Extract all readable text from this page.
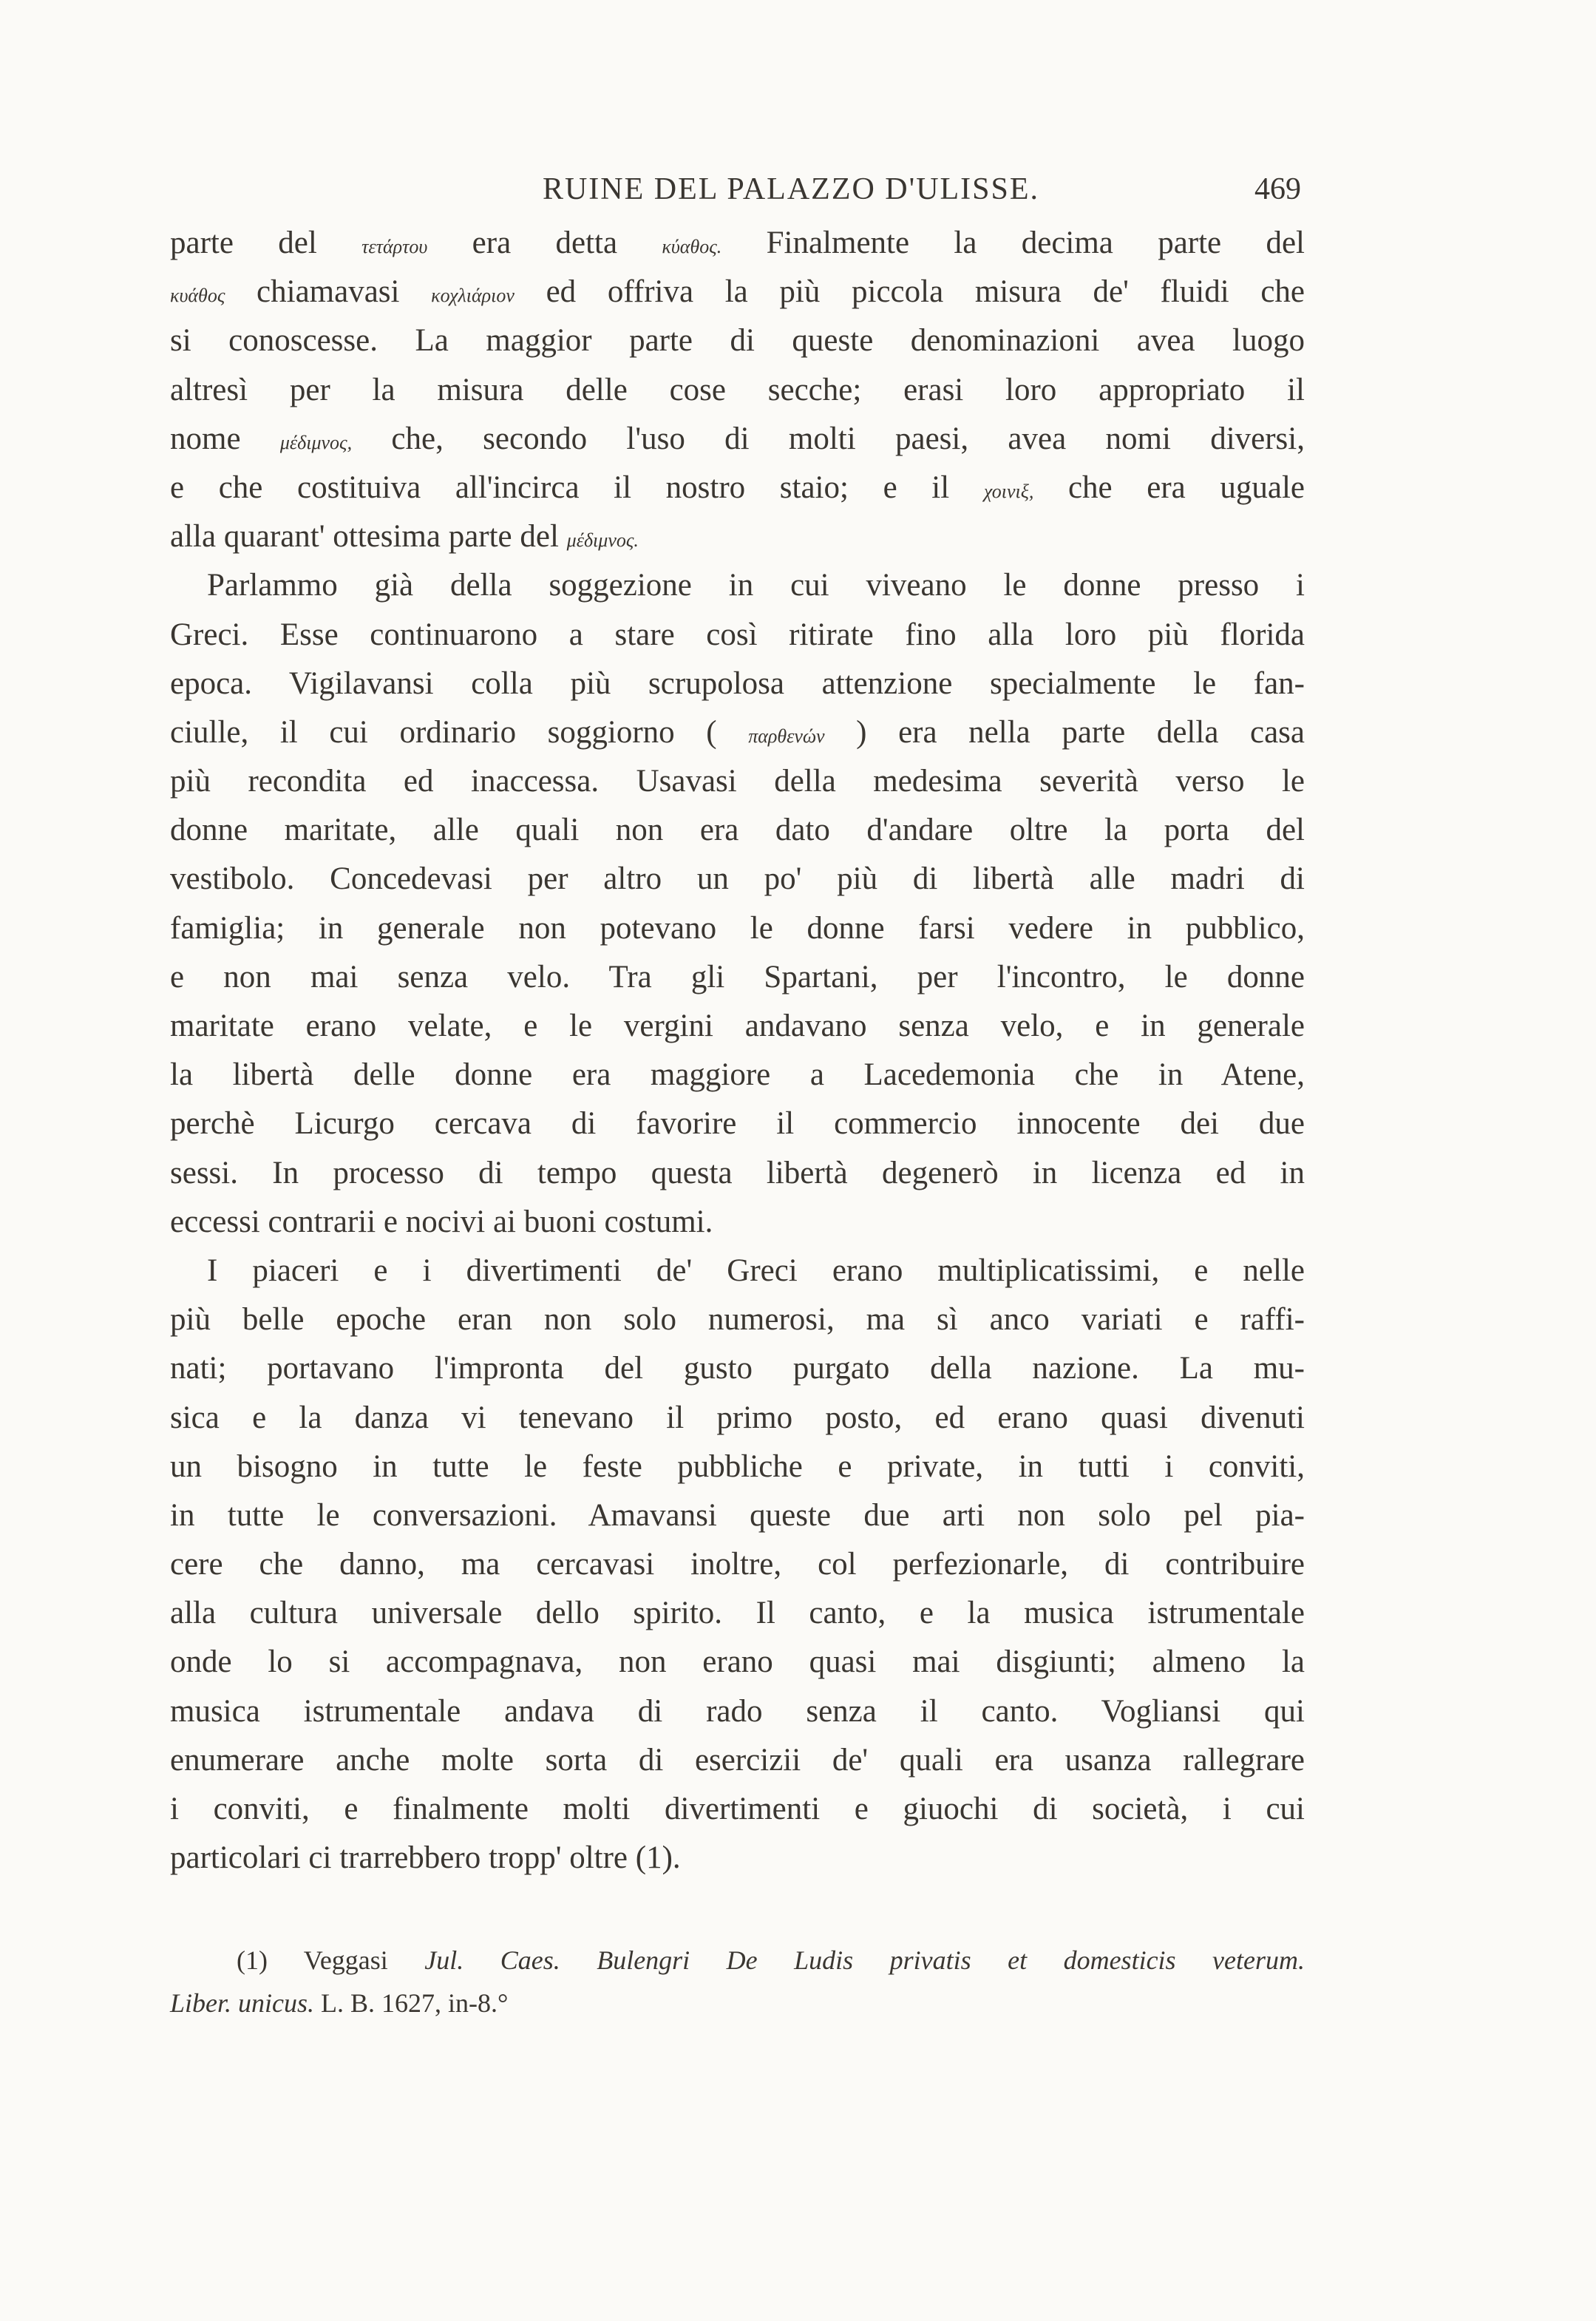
RUINE DEL PALAZZO D'ULISSE.	469
parte del τετάρτου era detta κύαθος. Finalmente la decima parte del
κυάθος chiamavasi κοχλιάριον ed offriva la più piccola misura de' fluidi che
si conoscesse. La maggior parte di queste denominazioni avea luogo
altresì per la misura delle cose secche; erasi loro appropriato il
nome μέδιμνος, che, secondo l'uso di molti paesi, avea nomi diversi,
e che costituiva all'incirca il nostro staio; e il χοινιξ, che era uguale
alla quarant' ottesima parte del μέδιμνος.
Parlammo già della soggezione in cui viveano le donne presso i
Greci. Esse continuarono a stare così ritirate fino alla loro più florida
epoca. Vigilavansi colla più scrupolosa attenzione specialmente le fan-
ciulle, il cui ordinario soggiorno ( παρθενών ) era nella parte della casa
più recondita ed inaccessa. Usavasi della medesima severità verso le
donne maritate, alle quali non era dato d'andare oltre la porta del
vestibolo. Concedevasi per altro un po' più di libertà alle madri di
famiglia; in generale non potevano le donne farsi vedere in pubblico,
e non mai senza velo. Tra gli Spartani, per l'incontro, le donne
maritate erano velate, e le vergini andavano senza velo, e in generale
la libertà delle donne era maggiore a Lacedemonia che in Atene,
perchè Licurgo cercava di favorire il commercio innocente dei due
sessi. In processo di tempo questa libertà degenerò in licenza ed in
eccessi contrarii e nocivi ai buoni costumi.
I piaceri e i divertimenti de' Greci erano multiplicatissimi, e nelle
più belle epoche eran non solo numerosi, ma sì anco variati e raffi-
nati; portavano l'impronta del gusto purgato della nazione. La mu-
sica e la danza vi tenevano il primo posto, ed erano quasi divenuti
un bisogno in tutte le feste pubbliche e private, in tutti i conviti,
in tutte le conversazioni. Amavansi queste due arti non solo pel pia-
cere che danno, ma cercavasi inoltre, col perfezionarle, di contribuire
alla cultura universale dello spirito. Il canto, e la musica istrumentale
onde lo si accompagnava, non erano quasi mai disgiunti; almeno la
musica istrumentale andava di rado senza il canto. Vogliansi qui
enumerare anche molte sorta di esercizii de' quali era usanza rallegrare
i conviti, e finalmente molti divertimenti e giuochi di società, i cui
particolari ci trarrebbero tropp' oltre (1).
(1) Veggasi Jul. Caes. Bulengri De Ludis privatis et domesticis veterum.
Liber. unicus. L. B. 1627, in-8.°
